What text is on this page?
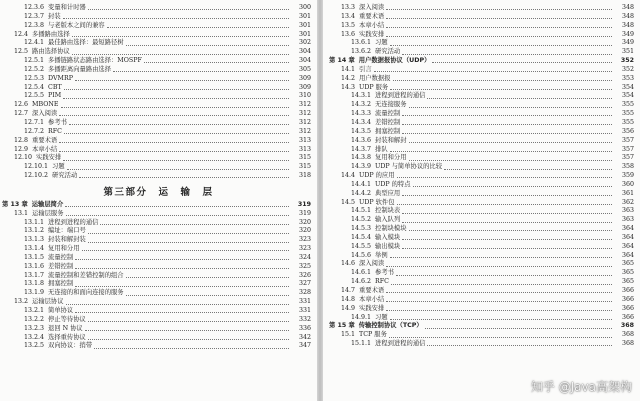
12.3.6 变量和计时器	300
12.3.7 封装	301
12.3.8 与老版本之间的兼容	301
12.4 多播路由选择	301
12.4.1 最佳路由选择：最短路径树	302
12.5 路由选择协议	304
12.5.1 多播链路状态路由选择：MOSPF	304
12.5.2 多播距离向量路由选择	305
12.5.3 DVMRP	309
12.5.4 CBT	309
12.5.5 PIM	310
12.6 MBONE	312
12.7 深入阅读	312
12.7.1 参考书	312
12.7.2 RFC	312
12.8 重要术语	313
12.9 本章小结	313
12.10 实践安排	315
12.10.1 习题	315
12.10.2 研究活动	318
第三部分　运　输　层
第 13 章 运输层简介	319
13.1 运输层服务	319
13.1.1 进程到进程的通信	320
13.1.2 编址：端口号	320
13.1.3 封装和解封装	323
13.1.4 复用和分用	323
13.1.5 流量控制	324
13.1.6 差错控制	325
13.1.7 流量控制和差错控制的组合	326
13.1.8 拥塞控制	327
13.1.9 无连接的和面向连接的服务	328
13.2 运输层协议	331
13.2.1 简单协议	331
13.2.2 停止等待协议	332
13.2.3 退回 N 协议	336
13.2.4 选择重传协议	342
13.2.5 双向协议：捎带	347
13.3 深入阅读	348
13.4 重要术语	348
13.5 本章小结	348
13.6 实践安排	349
13.6.1 习题	349
13.6.2 研究活动	351
第 14 章 用户数据报协议（UDP）	352
14.1 引言	352
14.2 用户数据报	353
14.3 UDP 服务	354
14.3.1 进程到进程的通信	354
14.3.2 无连接服务	355
14.3.3 流量控制	355
14.3.4 差错控制	355
14.3.5 拥塞控制	356
14.3.6 封装和解封	357
14.3.7 排队	357
14.3.8 复用和分用	357
14.3.9 UDP 与简单协议的比较	358
14.4 UDP 的应用	359
14.4.1 UDP 的特点	360
14.4.2 典型应用	361
14.5 UDP 软件包	362
14.5.1 控制块表	363
14.5.2 输入队列	363
14.5.3 控制块模块	364
14.5.4 输入模块	364
14.5.5 输出模块	364
14.5.6 举例	364
14.6 深入阅读	365
14.6.1 参考书	365
14.6.2 RFC	365
14.7 重要术语	366
14.8 本章小结	366
14.9 实践安排	366
14.9.1 习题	366
第 15 章 传输控制协议（TCP）	368
15.1 TCP 服务	368
15.1.1 进程到进程的通信	368
知乎 @Java高架构
